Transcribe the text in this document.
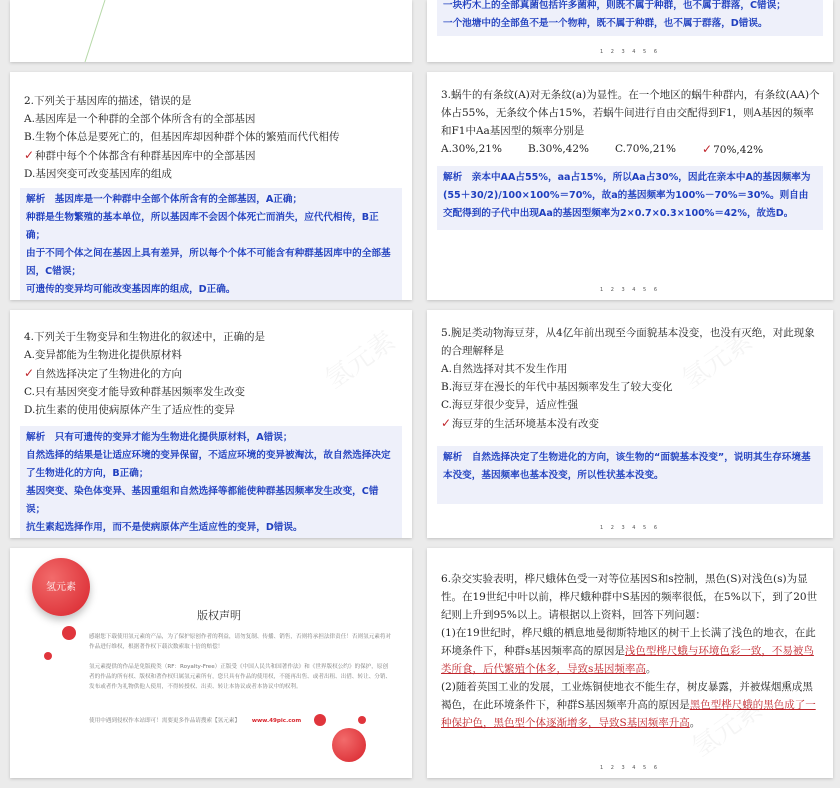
一块朽木上的全部真菌包括许多菌种，则既不属于种群，也不属于群落，C错误；

一个池塘中的全部鱼不是一个物种，既不属于种群，也不属于群落，D错误。

1 2 3 4 5 6

2.下列关于基因库的描述，错误的是

A.基因库是一个种群的全部个体所含有的全部基因

B.生物个体总是要死亡的，但基因库却因种群个体的繁殖而代代相传

✓种群中每个个体都含有种群基因库中的全部基因

D.基因突变可改变基因库的组成

解析　基因库是一个种群中全部个体所含有的全部基因，A正确；

种群是生物繁殖的基本单位，所以基因库不会因个体死亡而消失，应代代相传，B正确；

由于不同个体之间在基因上具有差异，所以每个个体不可能含有种群基因库中的全部基因，C错误；

可遗传的变异均可能改变基因库的组成，D正确。

3.蜗牛的有条纹(A)对无条纹(a)为显性。在一个地区的蜗牛种群内，有条纹(AA)个体占55%，无条纹个体占15%，若蜗牛间进行自由交配得到F1，则A基因的频率和F1中Aa基因型的频率分别是

A.30%,21% B.30%,42% C.70%,21% ✓70%,42%

解析　亲本中AA占55%，aa占15%，所以Aa占30%，因此在亲本中A的基因频率为(55＋30/2)/100×100%＝70%，故a的基因频率为100%－70%＝30%。则自由交配得到的子代中出现Aa的基因型频率为2×0.7×0.3×100%＝42%，故选D。

1 2 3 4 5 6

4.下列关于生物变异和生物进化的叙述中，正确的是

A.变异都能为生物进化提供原材料

✓自然选择决定了生物进化的方向

C.只有基因突变才能导致种群基因频率发生改变

D.抗生素的使用使病原体产生了适应性的变异

解析　只有可遗传的变异才能为生物进化提供原材料，A错误；

自然选择的结果是让适应环境的变异保留，不适应环境的变异被淘汰，故自然选择决定了生物进化的方向，B正确；

基因突变、染色体变异、基因重组和自然选择等都能使种群基因频率发生改变，C错误；

抗生素起选择作用，而不是使病原体产生适应性的变异，D错误。

5.腕足类动物海豆芽，从4亿年前出现至今面貌基本没变，也没有灭绝，对此现象的合理解释是

A.自然选择对其不发生作用

B.海豆芽在漫长的年代中基因频率发生了较大变化

C.海豆芽很少变异，适应性强

✓海豆芽的生活环境基本没有改变

解析　自然选择决定了生物进化的方向，该生物的“面貌基本没变”，说明其生存环境基本没变，基因频率也基本没变，所以性状基本没变。

1 2 3 4 5 6
氢元素
版权声明

感谢您下载使用氢元素的产品，为了保护原创作者的利益，请勿复制、传播、销售，否则将承担法律责任！否则氢元素将对作品进行维权，根据著作权下载次数索取十倍的赔偿！

氢元素提供的作品是免版税类（RF：Royalty-Free）正版受《中国人民共和国著作法》和《世界版权公约》的保护，原创者的作品的所有权、版权和著作权归属氢元素所有，您只具有作品的使用权，不能再出售、或者出租、出借、转让、分销、发布或者作为礼物供他人使用，不得转授权、出卖、转让本协议或者本协议中的权利。

使用中遇到侵权作本站即可！需要更多作品请搜索【氢元素】 www.49pic.com

6.杂交实验表明，桦尺蛾体色受一对等位基因S和s控制，黑色(S)对浅色(s)为显性。在19世纪中叶以前，桦尺蛾种群中S基因的频率很低，在5%以下，到了20世纪则上升到95%以上。请根据以上资料，回答下列问题：

(1)在19世纪时，桦尺蛾的栖息地曼彻斯特地区的树干上长满了浅色的地衣，在此环境条件下，种群s基因频率高的原因是浅色型桦尺蛾与环境色彩一致，不易被鸟类所食，后代繁殖个体多，导致s基因频率高。

(2)随着英国工业的发展，工业炼铜使地衣不能生存，树皮暴露，并被煤烟熏成黑褐色，在此环境条件下，种群S基因频率升高的原因是黑色型桦尺蛾的黑色成了一种保护色，黑色型个体逐渐增多，导致S基因频率升高。

1 2 3 4 5 6
